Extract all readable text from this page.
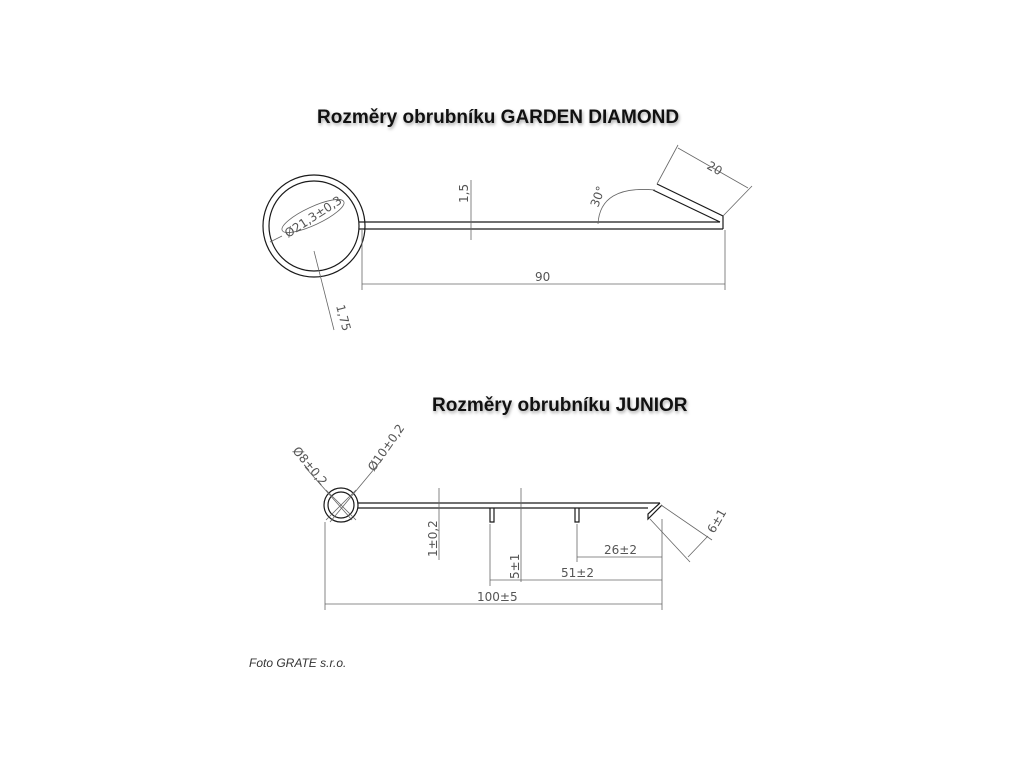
Rozměry obrubníku GARDEN DIAMOND
Rozměry obrubníku JUNIOR
Ø21,3±0,3	1,5	30°
20
90
1,75
Ø8±0,2	Ø10±0,2
1±0,2
5±1
26±2
51±2
100±5
6±1
Foto GRATE s.r.o.
